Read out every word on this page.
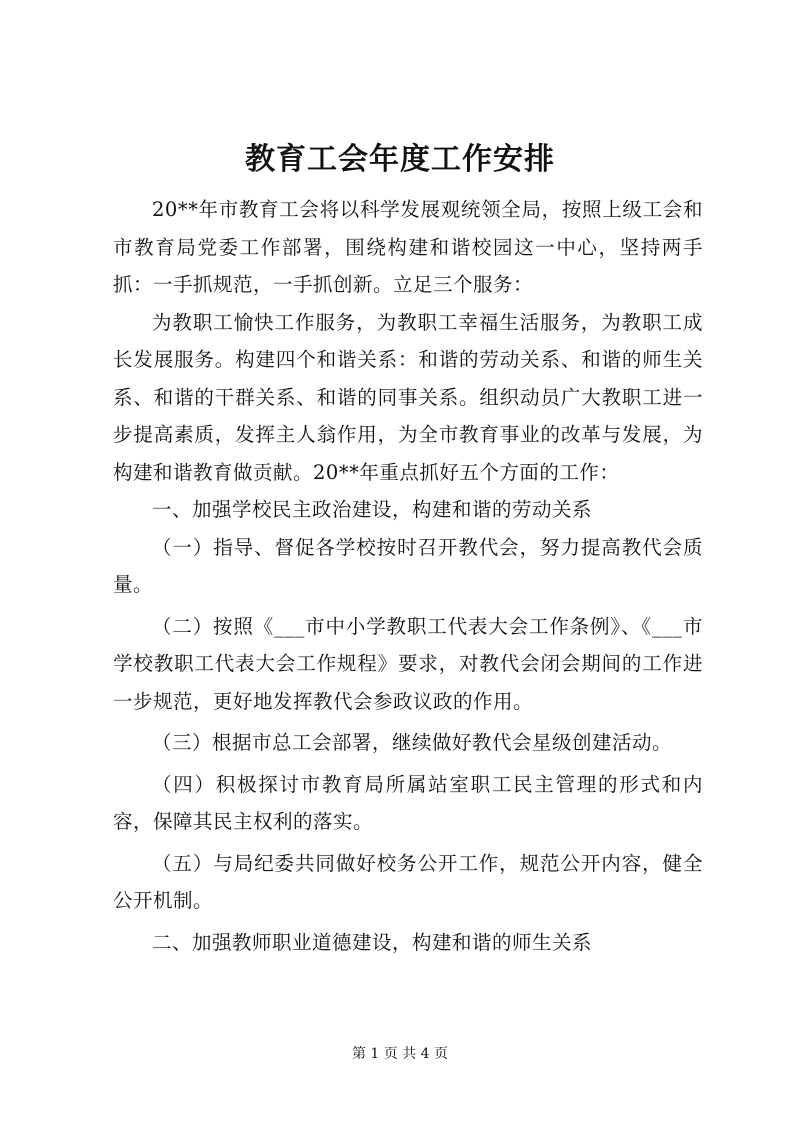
教育工会年度工作安排

20**年市教育工会将以科学发展观统领全局，按照上级工会和市教育局党委工作部署，围绕构建和谐校园这一中心，坚持两手抓：一手抓规范，一手抓创新。立足三个服务：

为教职工愉快工作服务，为教职工幸福生活服务，为教职工成长发展服务。构建四个和谐关系：和谐的劳动关系、和谐的师生关系、和谐的干群关系、和谐的同事关系。组织动员广大教职工进一步提高素质，发挥主人翁作用，为全市教育事业的改革与发展，为构建和谐教育做贡献。20**年重点抓好五个方面的工作：

一、加强学校民主政治建设，构建和谐的劳动关系

（一）指导、督促各学校按时召开教代会，努力提高教代会质量。

（二）按照《___市中小学教职工代表大会工作条例》、《___市学校教职工代表大会工作规程》要求，对教代会闭会期间的工作进一步规范，更好地发挥教代会参政议政的作用。

（三）根据市总工会部署，继续做好教代会星级创建活动。

（四）积极探讨市教育局所属站室职工民主管理的形式和内容，保障其民主权利的落实。

（五）与局纪委共同做好校务公开工作，规范公开内容，健全公开机制。

二、加强教师职业道德建设，构建和谐的师生关系

第 1 页 共 4 页
